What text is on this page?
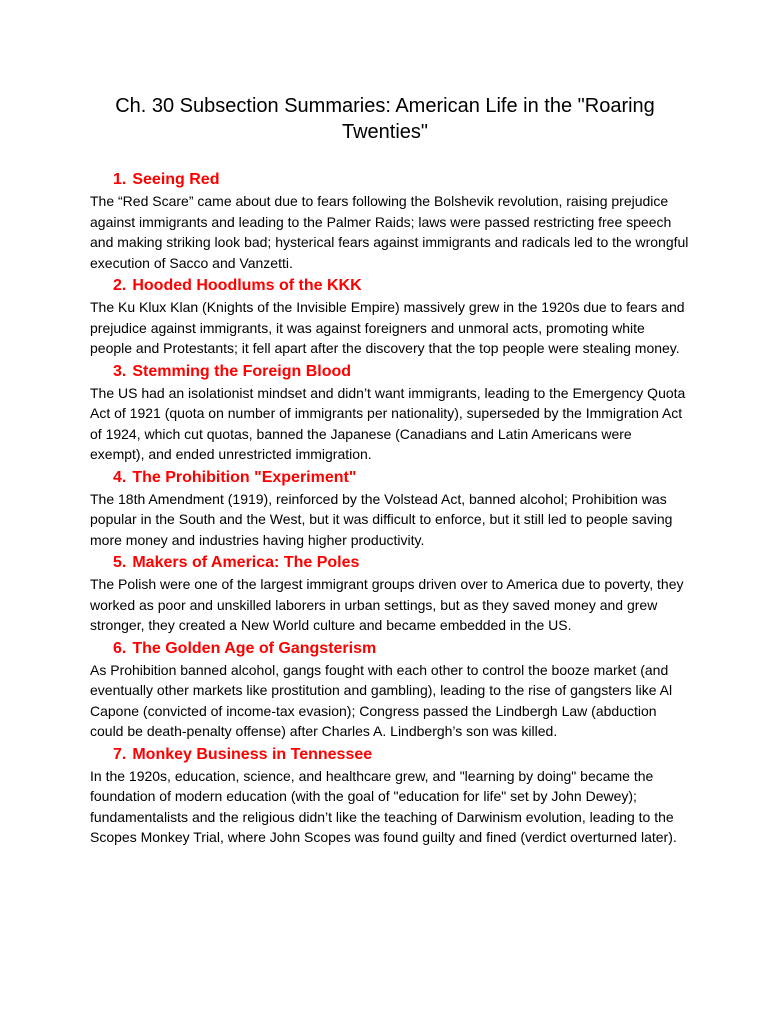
Ch. 30 Subsection Summaries: American Life in the "Roaring Twenties"
1. Seeing Red

The “Red Scare” came about due to fears following the Bolshevik revolution, raising prejudice against immigrants and leading to the Palmer Raids; laws were passed restricting free speech and making striking look bad; hysterical fears against immigrants and radicals led to the wrongful execution of Sacco and Vanzetti.

2. Hooded Hoodlums of the KKK

The Ku Klux Klan (Knights of the Invisible Empire) massively grew in the 1920s due to fears and prejudice against immigrants, it was against foreigners and unmoral acts, promoting white people and Protestants; it fell apart after the discovery that the top people were stealing money.

3. Stemming the Foreign Blood

The US had an isolationist mindset and didn’t want immigrants, leading to the Emergency Quota Act of 1921 (quota on number of immigrants per nationality), superseded by the Immigration Act of 1924, which cut quotas, banned the Japanese (Canadians and Latin Americans were exempt), and ended unrestricted immigration.

4. The Prohibition "Experiment"

The 18th Amendment (1919), reinforced by the Volstead Act, banned alcohol; Prohibition was popular in the South and the West, but it was difficult to enforce, but it still led to people saving more money and industries having higher productivity.

5. Makers of America: The Poles

The Polish were one of the largest immigrant groups driven over to America due to poverty, they worked as poor and unskilled laborers in urban settings, but as they saved money and grew stronger, they created a New World culture and became embedded in the US.

6. The Golden Age of Gangsterism

As Prohibition banned alcohol, gangs fought with each other to control the booze market (and eventually other markets like prostitution and gambling), leading to the rise of gangsters like Al Capone (convicted of income-tax evasion); Congress passed the Lindbergh Law (abduction could be death-penalty offense) after Charles A. Lindbergh’s son was killed.

7. Monkey Business in Tennessee

In the 1920s, education, science, and healthcare grew, and "learning by doing" became the foundation of modern education (with the goal of "education for life" set by John Dewey); fundamentalists and the religious didn’t like the teaching of Darwinism evolution, leading to the Scopes Monkey Trial, where John Scopes was found guilty and fined (verdict overturned later).
